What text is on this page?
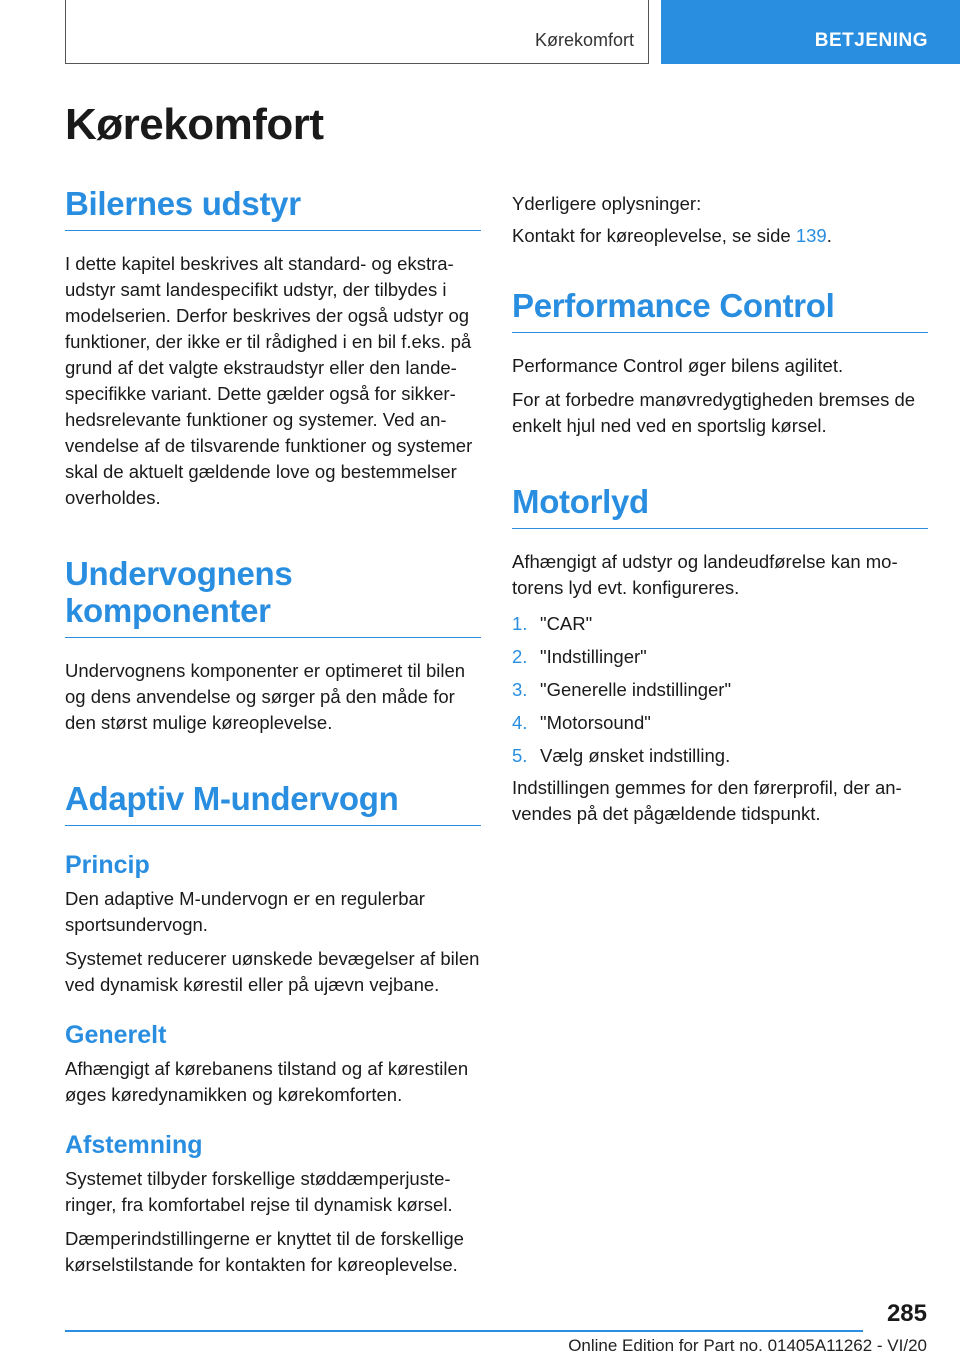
Kørekomfort	BETJENING
Kørekomfort
Bilernes udstyr

I dette kapitel beskrives alt standard- og ekstraudstyr samt landespecifikt udstyr, der tilbydes i modelserien. Derfor beskrives der også udstyr og funktioner, der ikke er til rådighed i en bil f.eks. på grund af det valgte ekstraudstyr eller den landespecifikke variant. Dette gælder også for sikkerhedsrelevante funktioner og systemer. Ved anvendelse af de tilsvarende funktioner og systemer skal de aktuelt gældende love og bestemmelser overholdes.

Undervognens komponenter

Undervognens komponenter er optimeret til bilen og dens anvendelse og sørger på den måde for den størst mulige køreoplevelse.

Adaptiv M-undervogn
Princip

Den adaptive M-undervogn er en regulerbar sportsundervogn.

Systemet reducerer uønskede bevægelser af bilen ved dynamisk kørestil eller på ujævn vejbane.

Generelt

Afhængigt af kørebanens tilstand og af kørestilen øges køredynamikken og kørekomforten.

Afstemning

Systemet tilbyder forskellige støddæmperjusteringer, fra komfortabel rejse til dynamisk kørsel.

Dæmperindstillingerne er knyttet til de forskellige kørselstilstande for kontakten for køreoplevelse.

Yderligere oplysninger:

Kontakt for køreoplevelse, se side 139.

Performance Control

Performance Control øger bilens agilitet.

For at forbedre manøvredygtigheden bremses de enkelt hjul ned ved en sportslig kørsel.

Motorlyd

Afhængigt af udstyr og landeudførelse kan motorens lyd evt. konfigureres.

1. "CAR"
2. "Indstillinger"
3. "Generelle indstillinger"
4. "Motorsound"
5. Vælg ønsket indstilling.

Indstillingen gemmes for den førerprofil, der anvendes på det pågældende tidspunkt.

285
Online Edition for Part no. 01405A11262 - VI/20
